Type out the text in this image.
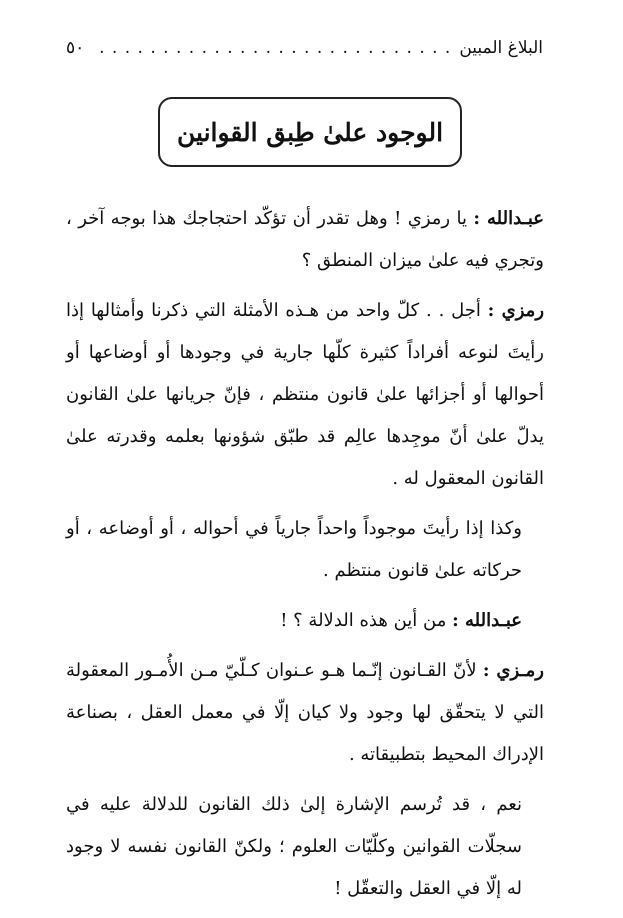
البلاغ المبين
. . .
٥٠
الوجود علىٰ طِبق القوانين

عبـدالله : يا رمزي ! وهل تقدر أن تؤكّد احتجاجك هذا بوجه آخر ، وتجري فيه علىٰ ميزان المنطق ؟

رمزي : أجل . . كلّ واحد من هـذه الأمثلة التي ذكرنا وأمثالها إذا رأيتَ لنوعه أفراداً كثيرة كلّها جارية في وجودها أو أوضاعها أو أحوالها أو أجزائها علىٰ قانون منتظم ، فإنّ جريانها علىٰ القانون يدلّ علىٰ أنّ موجِدها عالِم قد طبّق شؤونها بعلمه وقدرته علىٰ القانون المعقول له .

وكذا إذا رأيتَ موجوداً واحداً جارياً في أحواله ، أو أوضاعه ، أو حركاته علىٰ قانون منتظم .

عبـدالله : من أين هذه الدلالة ؟ !

رمـزي : لأنّ القـانون إنّـما هـو عـنوان كـلّيّ مـن الأُمـور المعقولة التي لا يتحقّق لها وجود ولا كيان إلّا في معمل العقل ، بصناعة الإدراك المحيط بتطبيقاته .

نعم ، قد تُرسم الإشارة إلىٰ ذلك القانون للدلالة عليه في سجلّات القوانين وكلّيّات العلوم ؛ ولكنّ القانون نفسه لا وجود له إلّا في العقل والتعقّل !
